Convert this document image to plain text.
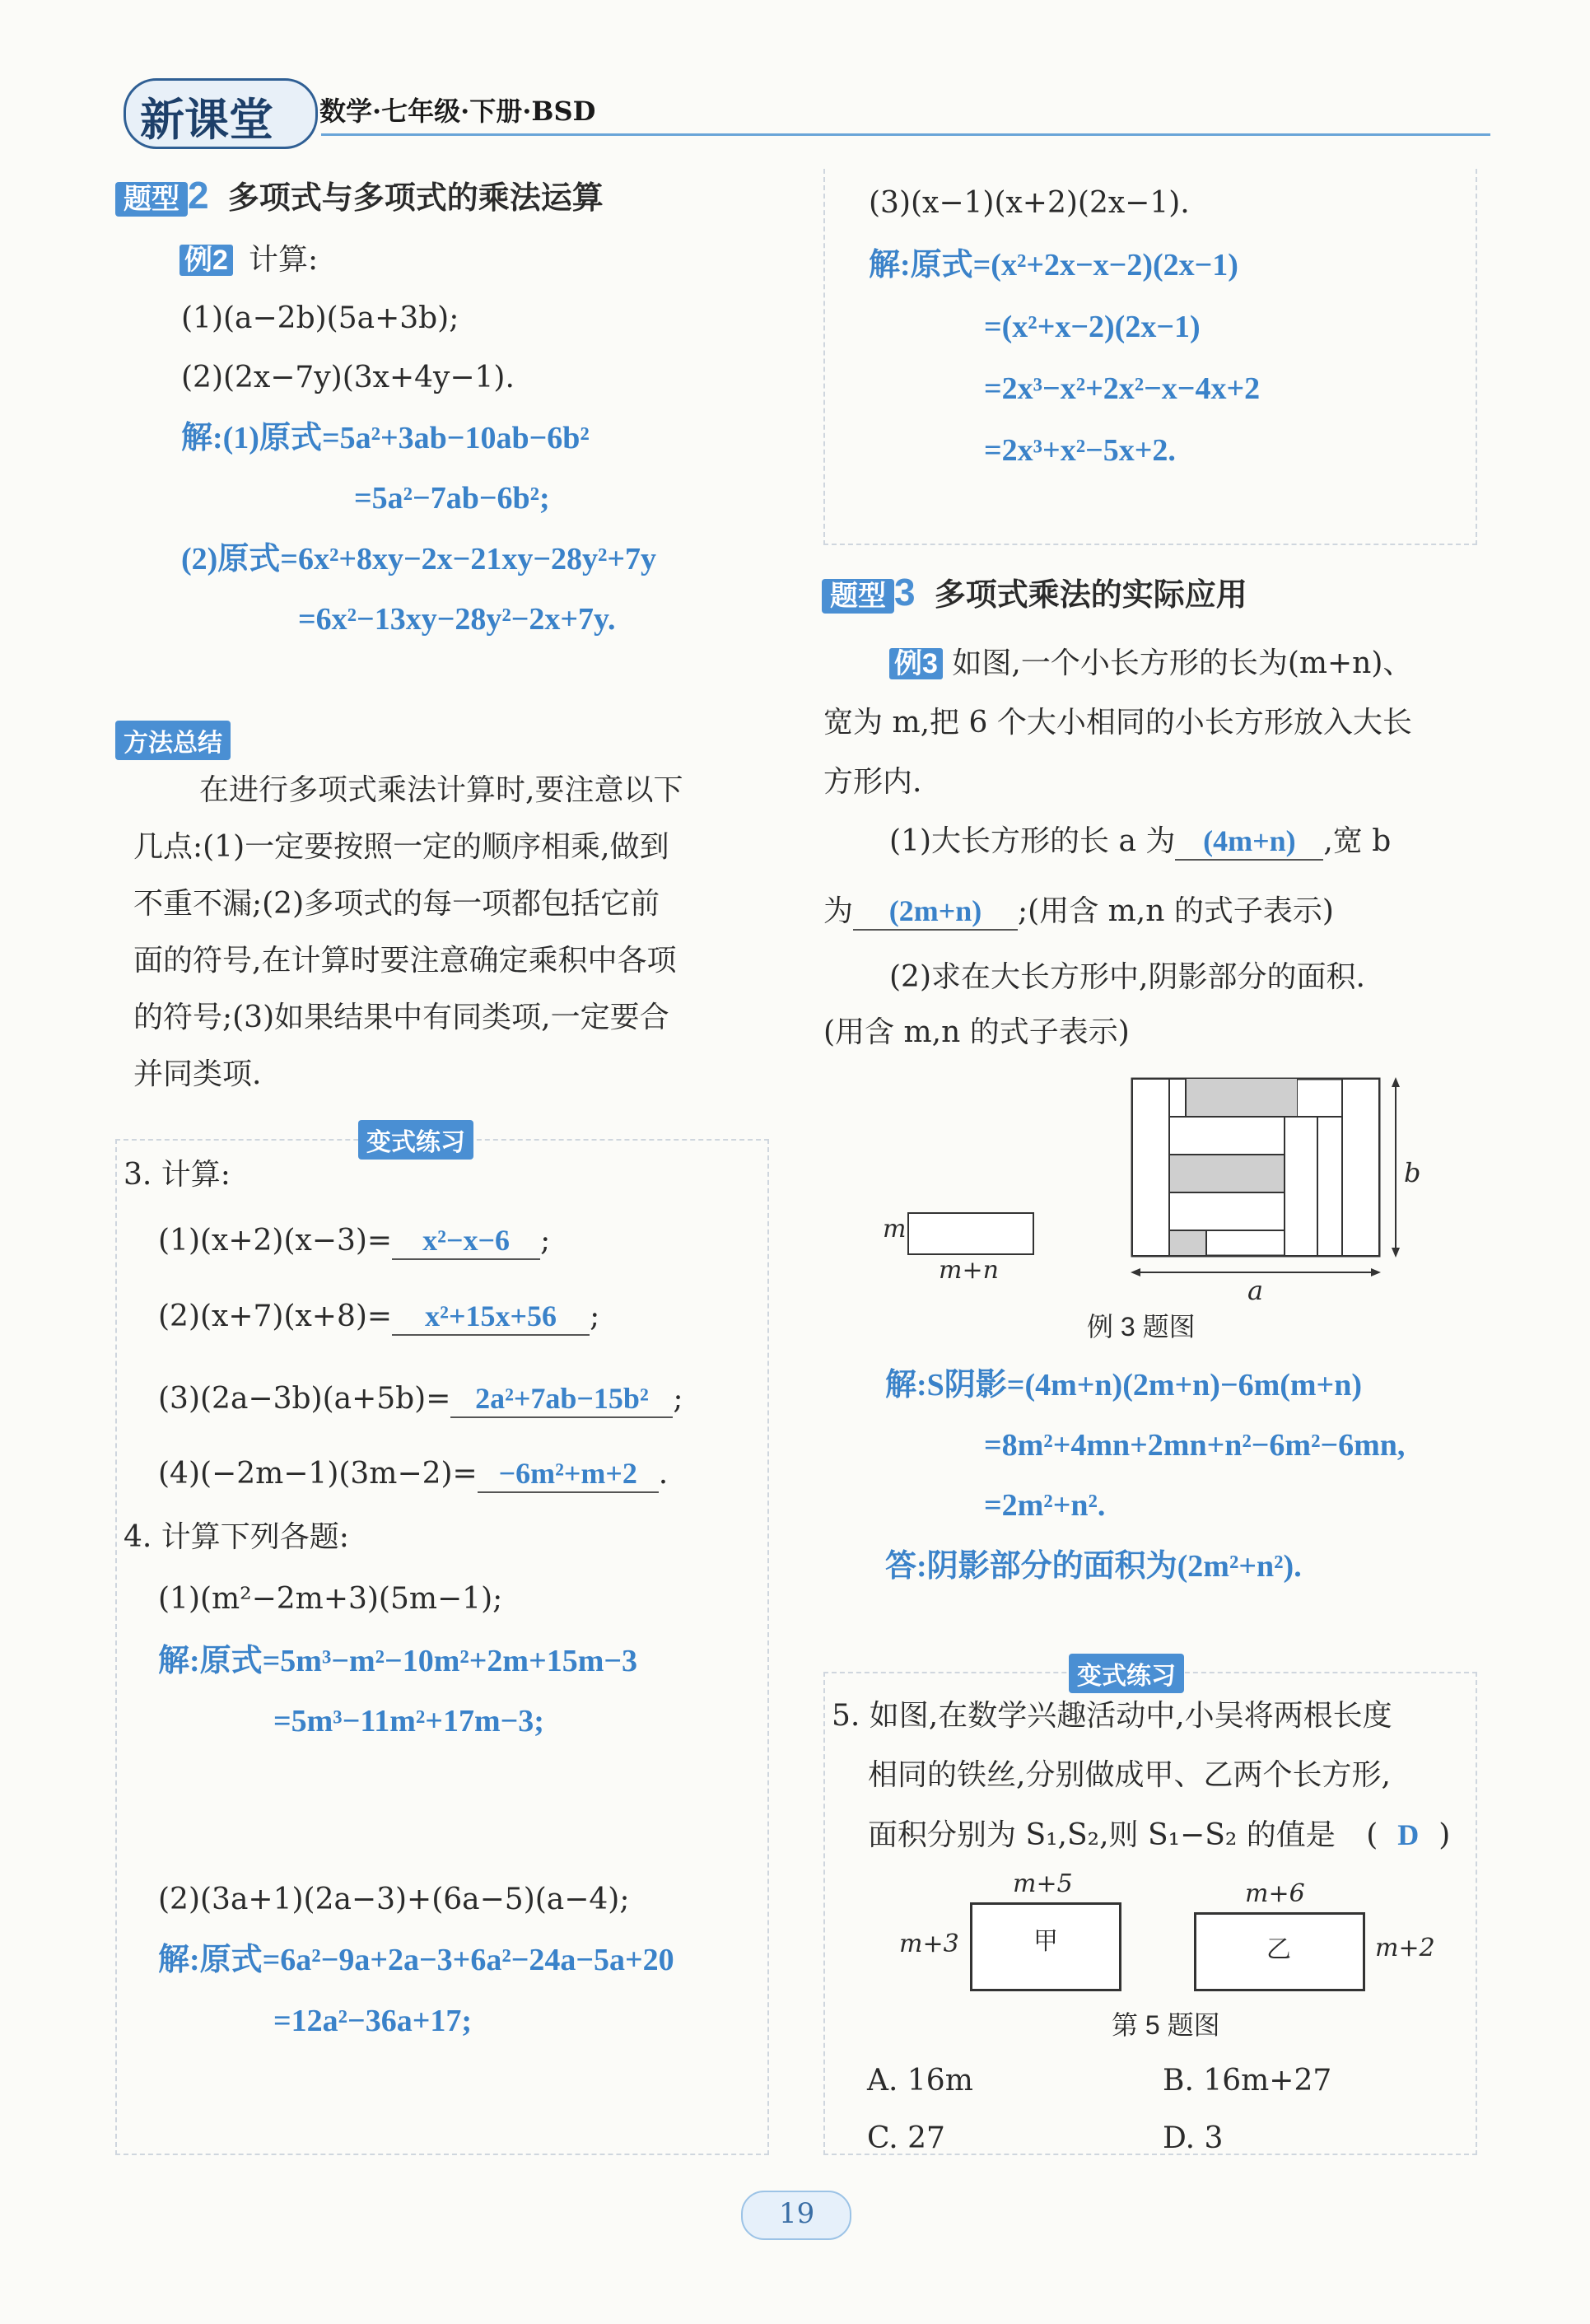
新课堂 数学·七年级·下册·BSD
题型 2 多项式与多项式的乘法运算
例2 计算:
(1)(a−2b)(5a+3b);
(2)(2x−7y)(3x+4y−1).
解:(1)原式=5a²+3ab−10ab−6b²
=5a²−7ab−6b²;
(2)原式=6x²+8xy−2x−21xy−28y²+7y
=6x²−13xy−28y²−2x+7y.
方法总结
在进行多项式乘法计算时,要注意以下
几点:(1)一定要按照一定的顺序相乘,做到
不重不漏;(2)多项式的每一项都包括它前
面的符号,在计算时要注意确定乘积中各项
的符号;(3)如果结果中有同类项,一定要合
并同类项.
变式练习
3. 计算:
(1)(x+2)(x−3)= x²−x−6 ;
(2)(x+7)(x+8)= x²+15x+56 ;
(3)(2a−3b)(a+5b)= 2a²+7ab−15b² ;
(4)(−2m−1)(3m−2)= −6m²+m+2 .
4. 计算下列各题:
(1)(m²−2m+3)(5m−1);
解:原式=5m³−m²−10m²+2m+15m−3
=5m³−11m²+17m−3;
(2)(3a+1)(2a−3)+(6a−5)(a−4);
解:原式=6a²−9a+2a−3+6a²−24a−5a+20
=12a²−36a+17;
(3)(x−1)(x+2)(2x−1).
解:原式=(x²+2x−x−2)(2x−1)
=(x²+x−2)(2x−1)
=2x³−x²+2x²−x−4x+2
=2x³+x²−5x+2.
题型 3 多项式乘法的实际应用
例3 如图,一个小长方形的长为(m+n)、
宽为 m,把 6 个大小相同的小长方形放入大长
方形内.
(1)大长方形的长 a 为 (4m+n) ,宽 b
为 (2m+n) ;(用含 m,n 的式子表示)
(2)求在大长方形中,阴影部分的面积.
(用含 m,n 的式子表示)
m
m+n
b
a
例 3 题图
解:S阴影=(4m+n)(2m+n)−6m(m+n)
=8m²+4mn+2mn+n²−6m²−6mn,
=2m²+n².
答:阴影部分的面积为(2m²+n²).
变式练习
5. 如图,在数学兴趣活动中,小吴将两根长度
相同的铁丝,分别做成甲、乙两个长方形,
面积分别为 S₁,S₂,则 S₁−S₂ 的值是 ( D )
甲
m+5
m+3	乙
m+6
m+2
第 5 题图
A. 16m	B. 16m+27
C. 27	D. 3
19
